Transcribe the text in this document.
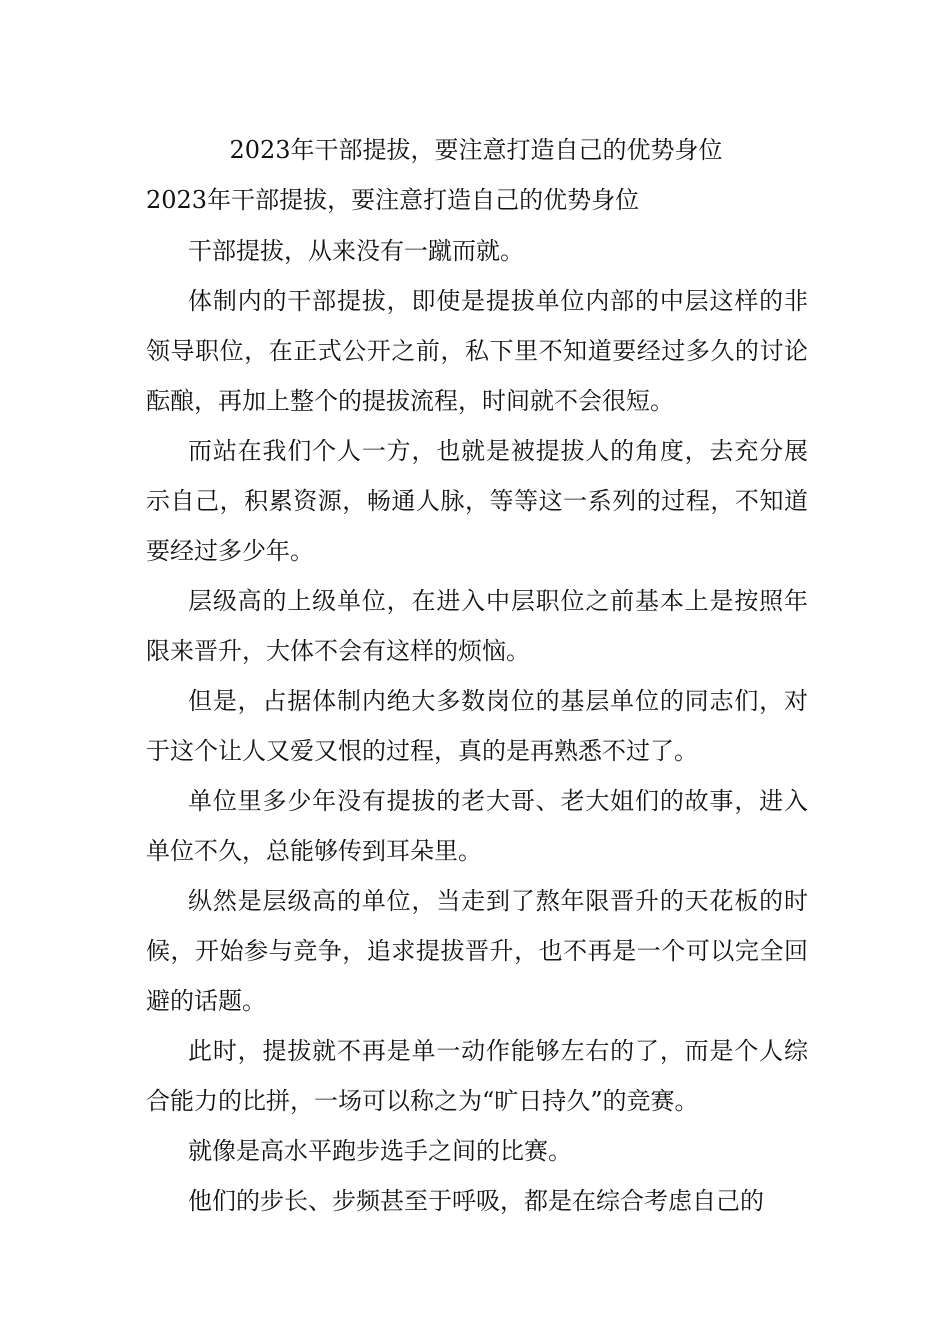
2023年干部提拔，要注意打造自己的优势身位
2023年干部提拔，要注意打造自己的优势身位

干部提拔，从来没有一蹴而就。

体制内的干部提拔，即使是提拔单位内部的中层这样的非领导职位，在正式公开之前，私下里不知道要经过多久的讨论酝酿，再加上整个的提拔流程，时间就不会很短。

而站在我们个人一方，也就是被提拔人的角度，去充分展示自己，积累资源，畅通人脉，等等这一系列的过程，不知道要经过多少年。

层级高的上级单位，在进入中层职位之前基本上是按照年限来晋升，大体不会有这样的烦恼。

但是，占据体制内绝大多数岗位的基层单位的同志们，对于这个让人又爱又恨的过程，真的是再熟悉不过了。

单位里多少年没有提拔的老大哥、老大姐们的故事，进入单位不久，总能够传到耳朵里。

纵然是层级高的单位，当走到了熬年限晋升的天花板的时候，开始参与竞争，追求提拔晋升，也不再是一个可以完全回避的话题。

此时，提拔就不再是单一动作能够左右的了，而是个人综合能力的比拼，一场可以称之为“旷日持久”的竞赛。

就像是高水平跑步选手之间的比赛。

他们的步长、步频甚至于呼吸，都是在综合考虑自己的
